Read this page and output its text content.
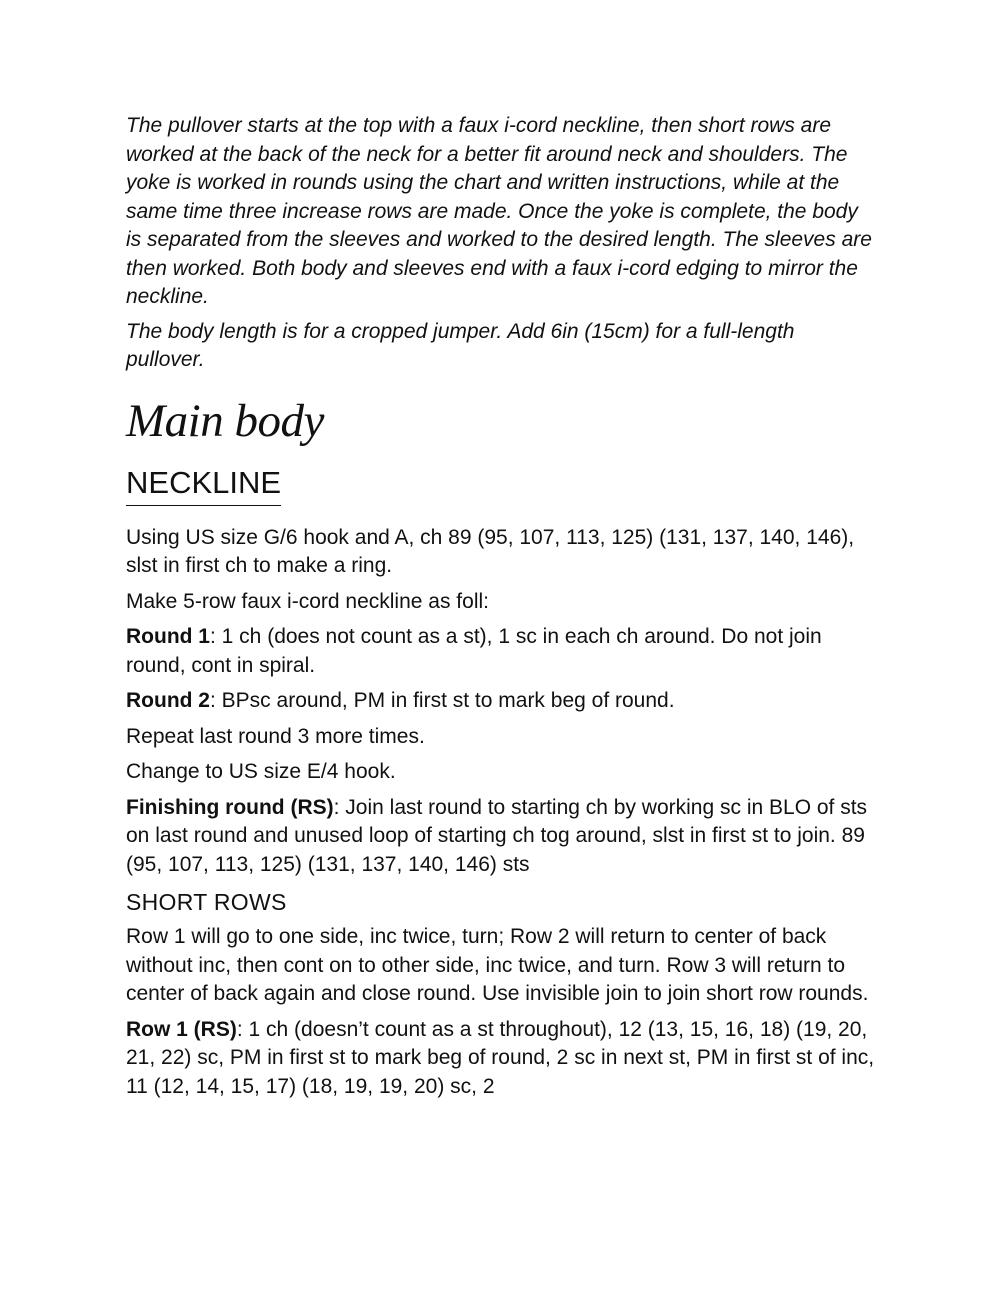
The pullover starts at the top with a faux i-cord neckline, then short rows are worked at the back of the neck for a better fit around neck and shoulders. The yoke is worked in rounds using the chart and written instructions, while at the same time three increase rows are made. Once the yoke is complete, the body is separated from the sleeves and worked to the desired length. The sleeves are then worked. Both body and sleeves end with a faux i-cord edging to mirror the neckline.

The body length is for a cropped jumper. Add 6in (15cm) for a full-length pullover.

Main body
NECKLINE

Using US size G/6 hook and A, ch 89 (95, 107, 113, 125) (131, 137, 140, 146), slst in first ch to make a ring.

Make 5-row faux i-cord neckline as foll:

Round 1: 1 ch (does not count as a st), 1 sc in each ch around. Do not join round, cont in spiral.

Round 2: BPsc around, PM in first st to mark beg of round.

Repeat last round 3 more times.

Change to US size E/4 hook.

Finishing round (RS): Join last round to starting ch by working sc in BLO of sts on last round and unused loop of starting ch tog around, slst in first st to join. 89 (95, 107, 113, 125) (131, 137, 140, 146) sts

SHORT ROWS

Row 1 will go to one side, inc twice, turn; Row 2 will return to center of back without inc, then cont on to other side, inc twice, and turn. Row 3 will return to center of back again and close round. Use invisible join to join short row rounds.

Row 1 (RS): 1 ch (doesn’t count as a st throughout), 12 (13, 15, 16, 18) (19, 20, 21, 22) sc, PM in first st to mark beg of round, 2 sc in next st, PM in first st of inc, 11 (12, 14, 15, 17) (18, 19, 19, 20) sc, 2
